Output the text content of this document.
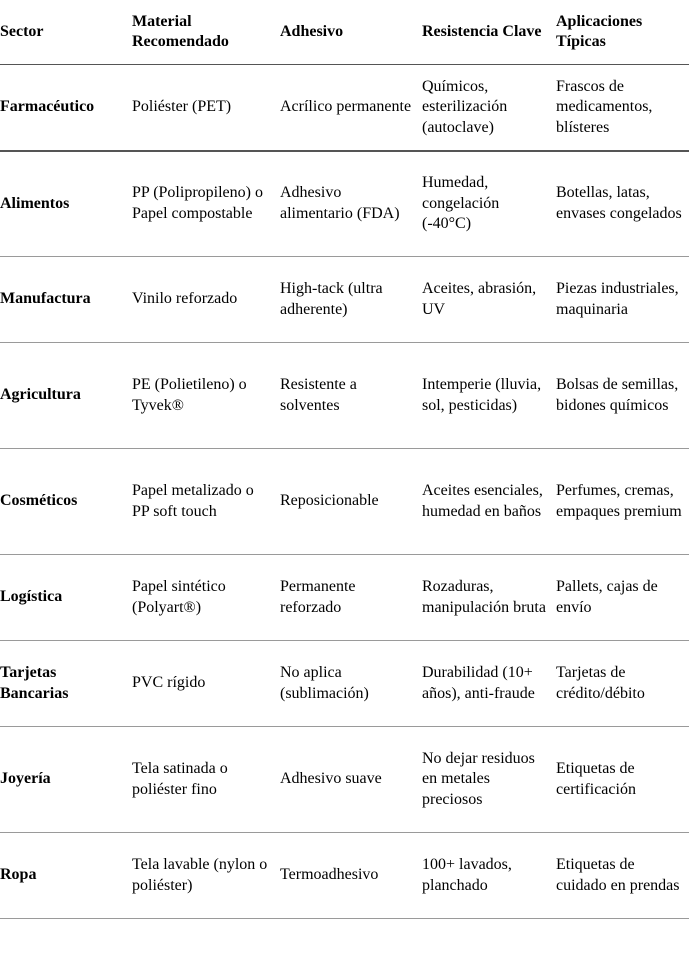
Sector	Material Recomendado	Adhesivo	Resistencia Clave	Aplicaciones Típicas
Farmacéutico	Poliéster (PET)	Acrílico permanente	Químicos, esterilización (autoclave)	Frascos de medicamentos, blísteres
Alimentos	PP (Polipropileno) o Papel compostable	Adhesivo alimentario (FDA)	Humedad, congelación (-40°C)	Botellas, latas, envases congelados
Manufactura	Vinilo reforzado	High-tack (ultra adherente)	Aceites, abrasión, UV	Piezas industriales, maquinaria
Agricultura	PE (Polietileno) o Tyvek®	Resistente a solventes	Intemperie (lluvia, sol, pesticidas)	Bolsas de semillas, bidones químicos
Cosméticos	Papel metalizado o PP soft touch	Reposicionable	Aceites esenciales, humedad en baños	Perfumes, cremas, empaques premium
Logística	Papel sintético (Polyart®)	Permanente reforzado	Rozaduras, manipulación bruta	Pallets, cajas de envío
Tarjetas Bancarias	PVC rígido	No aplica (sublimación)	Durabilidad (10+ años), anti-fraude	Tarjetas de crédito/débito
Joyería	Tela satinada o poliéster fino	Adhesivo suave	No dejar residuos en metales preciosos	Etiquetas de certificación
Ropa	Tela lavable (nylon o poliéster)	Termoadhesivo	100+ lavados, planchado	Etiquetas de cuidado en prendas
